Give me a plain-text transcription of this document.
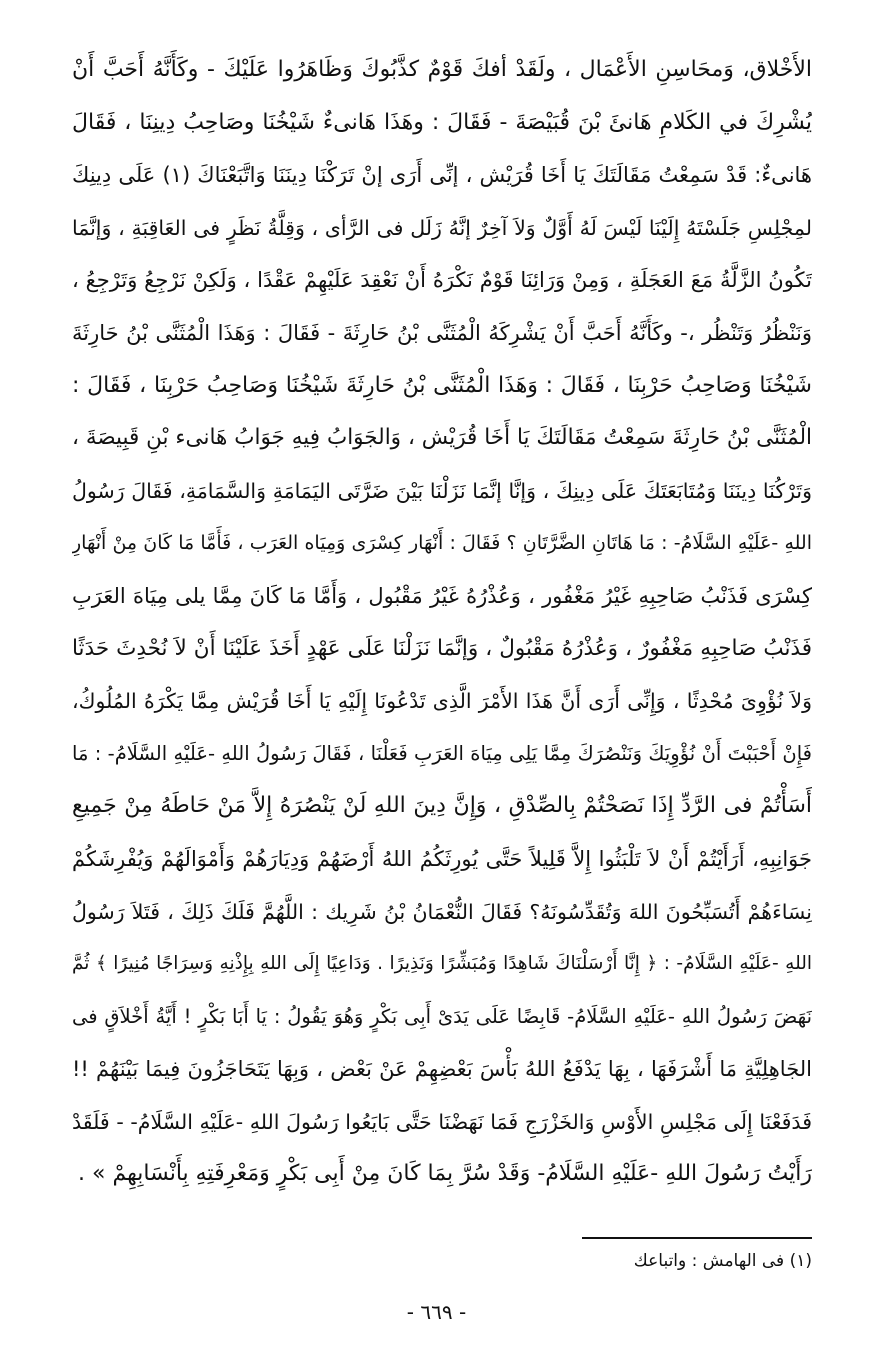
الأَخْلاق، وَمحَاسِنِ الأَعْمَال ، ولَقَدْ أفكَ قَوْمٌ كذَّبُوكَ وَظَاهَرُوا عَلَيْكَ - وكَأَنَّهُ أَحَبَّ أَنْ
يُشْرِكَ في الكَلامِ هَانئَ بْنَ قُبَيْصَةَ - فَقَالَ : وهَذَا هَانىءٌ شَيْخُنَا وصَاحِبُ دِينِنَا ، فَقَالَ
هَانىءٌ: قَدْ سَمِعْتُ مَقَالَتَكَ يَا أَخَا قُرَيْش ، إنِّى أَرَى إنْ تَرَكْنَا دِينَنَا وَاتَّبَعْنَاكَ (١) عَلَى دِينِكَ
لمِجْلِسِ جَلَسْتَهُ إِلَيْنَا لَيْسَ لَهُ أَوَّلٌ وَلاَ آخِرٌ إنَّهُ زَلَل فى الرَّأى ، وَقِلَّةُ نَظَرٍ فى العَاقِبَةِ ، وَإنَّمَا
تَكُونُ الزَّلَّةُ مَعَ العَجَلَةِ ، وَمِنْ وَرَائِنَا قَوْمٌ نَكْرَهُ أَنْ نَعْقِدَ عَلَيْهِمْ عَقْدًا ، وَلَكِنْ نَرْجِعُ وَتَرْجِعُ ،
وَنَنْظُرُ وَتَنْظُر ،- وكَأَنَّهُ أَحَبَّ أَنْ يَشْرِكَهُ الْمُثَنَّى بْنُ حَارِثَةَ - فَقَالَ : وَهَذَا الْمُثَنَّى بْنُ حَارِثَةَ
شَيْخُنَا وَصَاحِبُ حَرْبِنَا ، فَقَالَ : وَهَذَا الْمُثَنَّى بْنُ حَارِثَةَ شَيْخُنَا وَصَاحِبُ حَرْبِنَا ، فَقَالَ :
الْمُثَنَّى بْنُ حَارِثَةَ سَمِعْتُ مَقَالَتَكَ يَا أَخَا قُرَيْش ، وَالجَوَابُ فِيهِ جَوَابُ هَانىء بْنِ قَبِيصَةَ ،
وَتَرْكُنَا دِينَنَا وَمُتَابَعَتَكَ عَلَى دِينِكَ ، وَإنَّا إنَّمَا نَزَلْنَا بَيْنَ ضَرَّتَى اليَمَامَةِ وَالسَّمَامَةِ، فَقَالَ رَسُولُ
اللهِ -عَلَيْهِ السَّلَامُ- : مَا هَاتَانِ الضَّرَّتَانِ ؟ فَقَالَ : أَنْهَار كِسْرَى وَمِيَاه العَرَب ، فَأَمَّا مَا كَانَ مِنْ أَنْهَارِ
كِسْرَى فَذَنْبُ صَاحِبِهِ غَيْرُ مَغْفُور ، وَعُذْرُهُ غَيْرُ مَقْبُول ، وَأَمَّا مَا كَانَ مِمَّا يلى مِيَاهَ العَرَبِ
فَذَنْبُ صَاحِبِهِ مَغْفُورٌ ، وَعُذْرُهُ مَقْبُولٌ ، وَإنَّمَا نَزَلْنَا عَلَى عَهْدٍ أَخَذَ عَلَيْنَا أَنْ لاَ نُحْدِثَ حَدَثًا
وَلاَ نُؤْوِىَ مُحْدِثًا ، وَإِنِّى أَرَى أَنَّ هَذَا الأَمْرَ الَّذِى تَدْعُونَا إِلَيْهِ يَا أَخَا قُرَيْش مِمَّا يَكْرَهُ المُلُوكُ،
فَإِنْ أَحْبَبْتَ أَنْ نُؤْوِيَكَ وَنَنْصُرَكَ مِمَّا يَلِى مِيَاهَ العَرَبِ فَعَلْنَا ، فَقَالَ رَسُولُ اللهِ -عَلَيْهِ السَّلَامُ- : مَا
أَسَأْتُمْ فى الرَّدِّ إِذَا نَصَحْتُمْ بِالصِّدْقِ ، وَإِنَّ دِينَ اللهِ لَنْ يَنْصُرَهُ إِلاَّ مَنْ حَاطَهُ مِنْ جَمِيعِ
جَوَانِبِهِ، أَرَأَيْتُمْ أَنْ لاَ تَلْبَثُوا إِلاَّ قَلِيلاً حَتَّى يُورِثَكُمُ اللهُ أَرْضَهُمْ وَدِيَارَهُمْ وَأَمْوَالَهُمْ وَيُفْرِشَكُمْ
نِسَاءَهُمْ أَتُسَبِّحُونَ اللهَ وَتُقَدِّسُونَهُ؟ فَقَالَ النُّعْمَانُ بْنُ شَرِيك : اللَّهُمَّ فَلَكَ ذَلِكَ ، فَتَلاَ رَسُولُ
اللهِ -عَلَيْهِ السَّلَامُ- : ﴿ إِنَّا أَرْسَلْنَاكَ شَاهِدًا وَمُبَشِّرًا وَنَذِيرًا . وَدَاعِيًا إِلَى اللهِ بِإِذْنِهِ وَسِرَاجًا مُنِيرًا ﴾ ثُمَّ
نَهَضَ رَسُولُ اللهِ -عَلَيْهِ السَّلَامُ- قَابِضًا عَلَى يَدَىْ أَبِى بَكْرٍ وَهُوَ يَقُولُ : يَا أَبَا بَكْرٍ ! أَيَّةُ أَخْلاَقٍ فى
الجَاهِلِيَّةِ مَا أَشْرَفَهَا ، بِهَا يَدْفَعُ اللهُ بَأْسَ بَعْضِهِمْ عَنْ بَعْض ، وَبِهَا يَتَحَاجَزُونَ فِيمَا بَيْنَهُمْ !!
فَدَفَعْنَا إِلَى مَجْلِسِ الأَوْسِ وَالخَزْرَجِ فَمَا نَهَضْنَا حَتَّى بَايَعُوا رَسُولَ اللهِ -عَلَيْهِ السَّلَامُ- - فَلَقَدْ
رَأَيْتُ رَسُولَ اللهِ -عَلَيْهِ السَّلَامُ- وَقَدْ سُرَّ بِمَا كَانَ مِنْ أَبِى بَكْرٍ وَمَعْرِفَتِهِ بِأَنْسَابِهِمْ » .
(١) فى الهامش : واتباعك
- ٦٦٩ -
